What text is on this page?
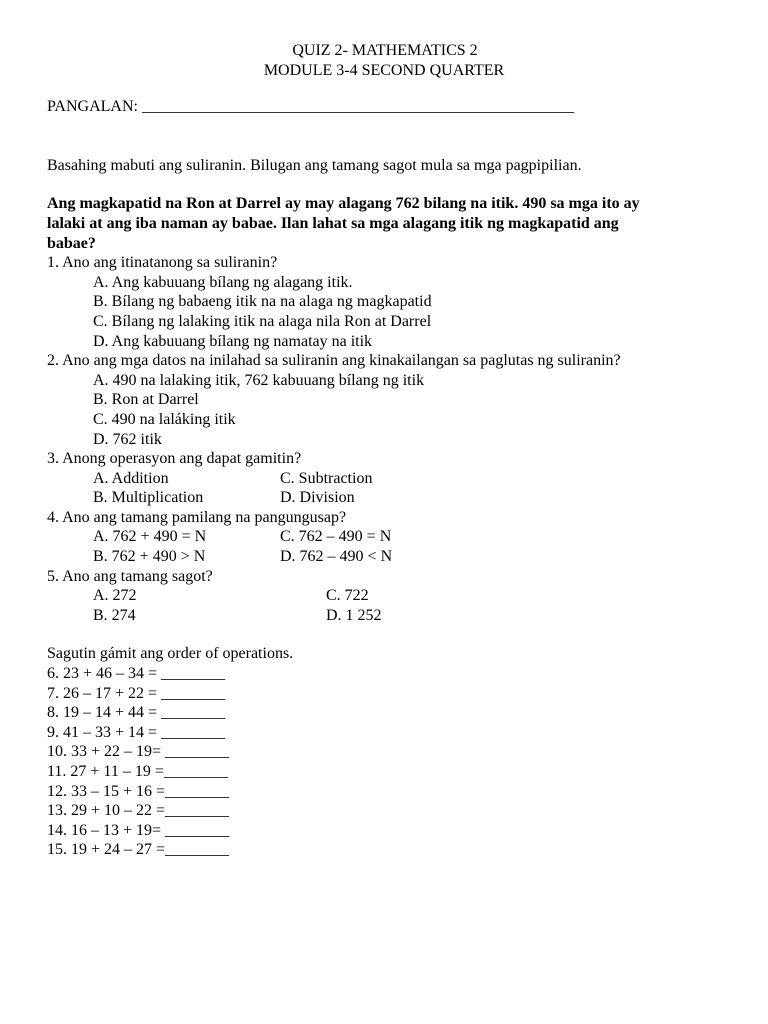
QUIZ 2- MATHEMATICS 2
MODULE 3-4 SECOND QUARTER
PANGALAN: ______________________________________________________
Basahing mabuti ang suliranin. Bilugan ang tamang sagot mula sa mga pagpipilian.
Ang magkapatid na Ron at Darrel ay may alagang 762 bilang na itik. 490 sa mga ito ay
lalaki at ang iba naman ay babae. Ilan lahat sa mga alagang itik ng magkapatid ang
babae?
1. Ano ang itinatanong sa suliranin?
A. Ang kabuuang bílang ng alagang itik.
B. Bílang ng babaeng itik na na alaga ng magkapatid
C. Bílang ng lalaking itik na alaga nila Ron at Darrel
D. Ang kabuuang bílang ng namatay na itik
2. Ano ang mga datos na inilahad sa suliranin ang kinakailangan sa paglutas ng suliranin?
A. 490 na lalaking itik, 762 kabuuang bílang ng itik
B. Ron at Darrel
C. 490 na laláking itik
D. 762 itik
3. Anong operasyon ang dapat gamitin?
A. Addition	C. Subtraction
B. Multiplication	D. Division
4. Ano ang tamang pamilang na pangungusap?
A. 762 + 490 = N	C. 762 – 490 = N
B. 762 + 490 > N	D. 762 – 490 < N
5. Ano ang tamang sagot?
A. 272	C. 722
B. 274	D. 1 252
Sagutin gámit ang order of operations.
6. 23 + 46 – 34 = ________
7. 26 – 17 + 22 = ________
8. 19 – 14 + 44 = ________
9. 41 – 33 + 14 = ________
10. 33 + 22 – 19= ________
11. 27 + 11 – 19 =________
12. 33 – 15 + 16 =________
13. 29 + 10 – 22 =________
14. 16 – 13 + 19= ________
15. 19 + 24 – 27 =________
